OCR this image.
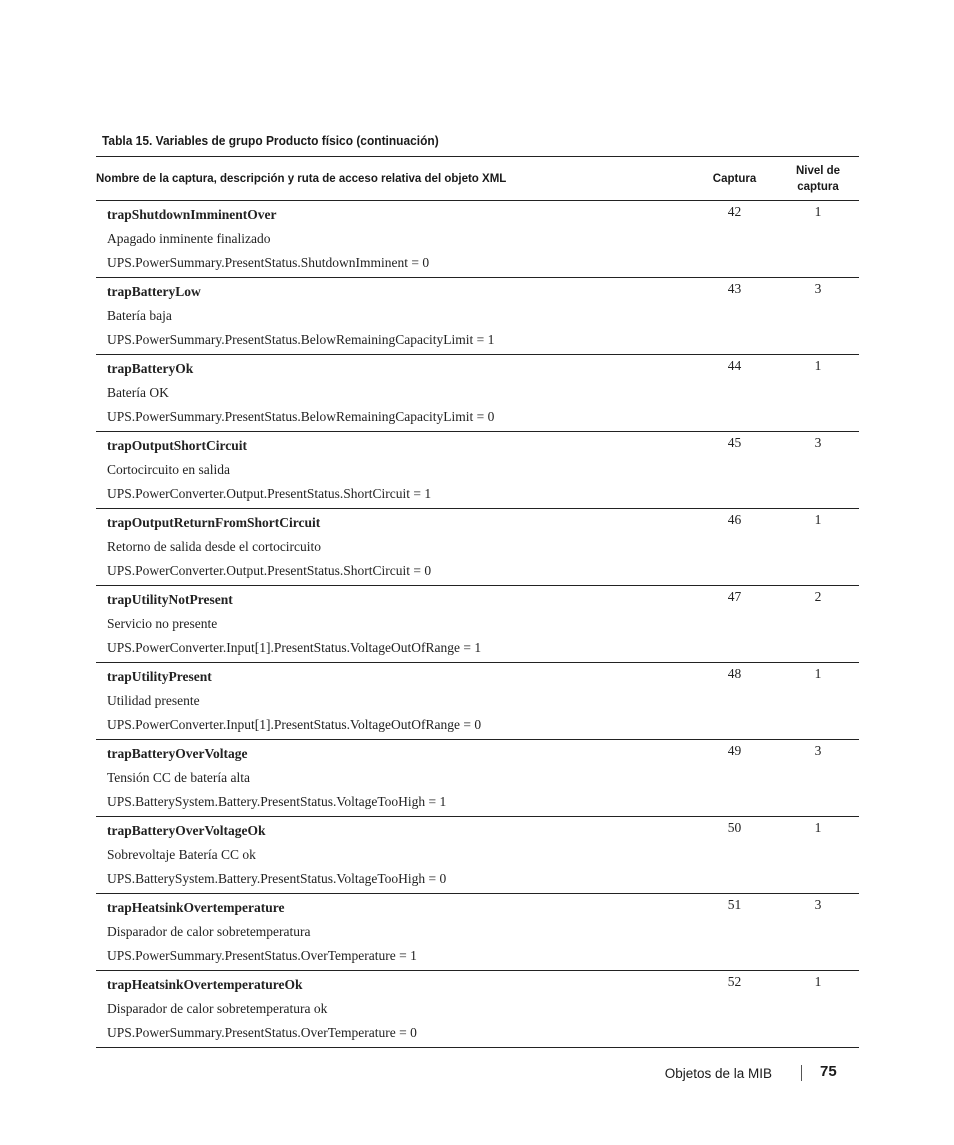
Tabla 15. Variables de grupo Producto físico (continuación)
Nombre de la captura, descripción y ruta de acceso relativa del objeto XML	Captura	Nivel de
captura

trapShutdownImminentOver
Apagado inminente finalizado
UPS.PowerSummary.PresentStatus.ShutdownImminent = 0	42	1

trapBatteryLow
Batería baja
UPS.PowerSummary.PresentStatus.BelowRemainingCapacityLimit = 1	43	3

trapBatteryOk
Batería OK
UPS.PowerSummary.PresentStatus.BelowRemainingCapacityLimit = 0	44	1

trapOutputShortCircuit
Cortocircuito en salida
UPS.PowerConverter.Output.PresentStatus.ShortCircuit = 1	45	3

trapOutputReturnFromShortCircuit
Retorno de salida desde el cortocircuito
UPS.PowerConverter.Output.PresentStatus.ShortCircuit = 0	46	1

trapUtilityNotPresent
Servicio no presente
UPS.PowerConverter.Input[1].PresentStatus.VoltageOutOfRange = 1	47	2

trapUtilityPresent
Utilidad presente
UPS.PowerConverter.Input[1].PresentStatus.VoltageOutOfRange = 0	48	1

trapBatteryOverVoltage
Tensión CC de batería alta
UPS.BatterySystem.Battery.PresentStatus.VoltageTooHigh = 1	49	3

trapBatteryOverVoltageOk
Sobrevoltaje Batería CC ok
UPS.BatterySystem.Battery.PresentStatus.VoltageTooHigh = 0	50	1

trapHeatsinkOvertemperature
Disparador de calor sobretemperatura
UPS.PowerSummary.PresentStatus.OverTemperature = 1	51	3

trapHeatsinkOvertemperatureOk
Disparador de calor sobretemperatura ok
UPS.PowerSummary.PresentStatus.OverTemperature = 0	52	1
Objetos de la MIB	75
